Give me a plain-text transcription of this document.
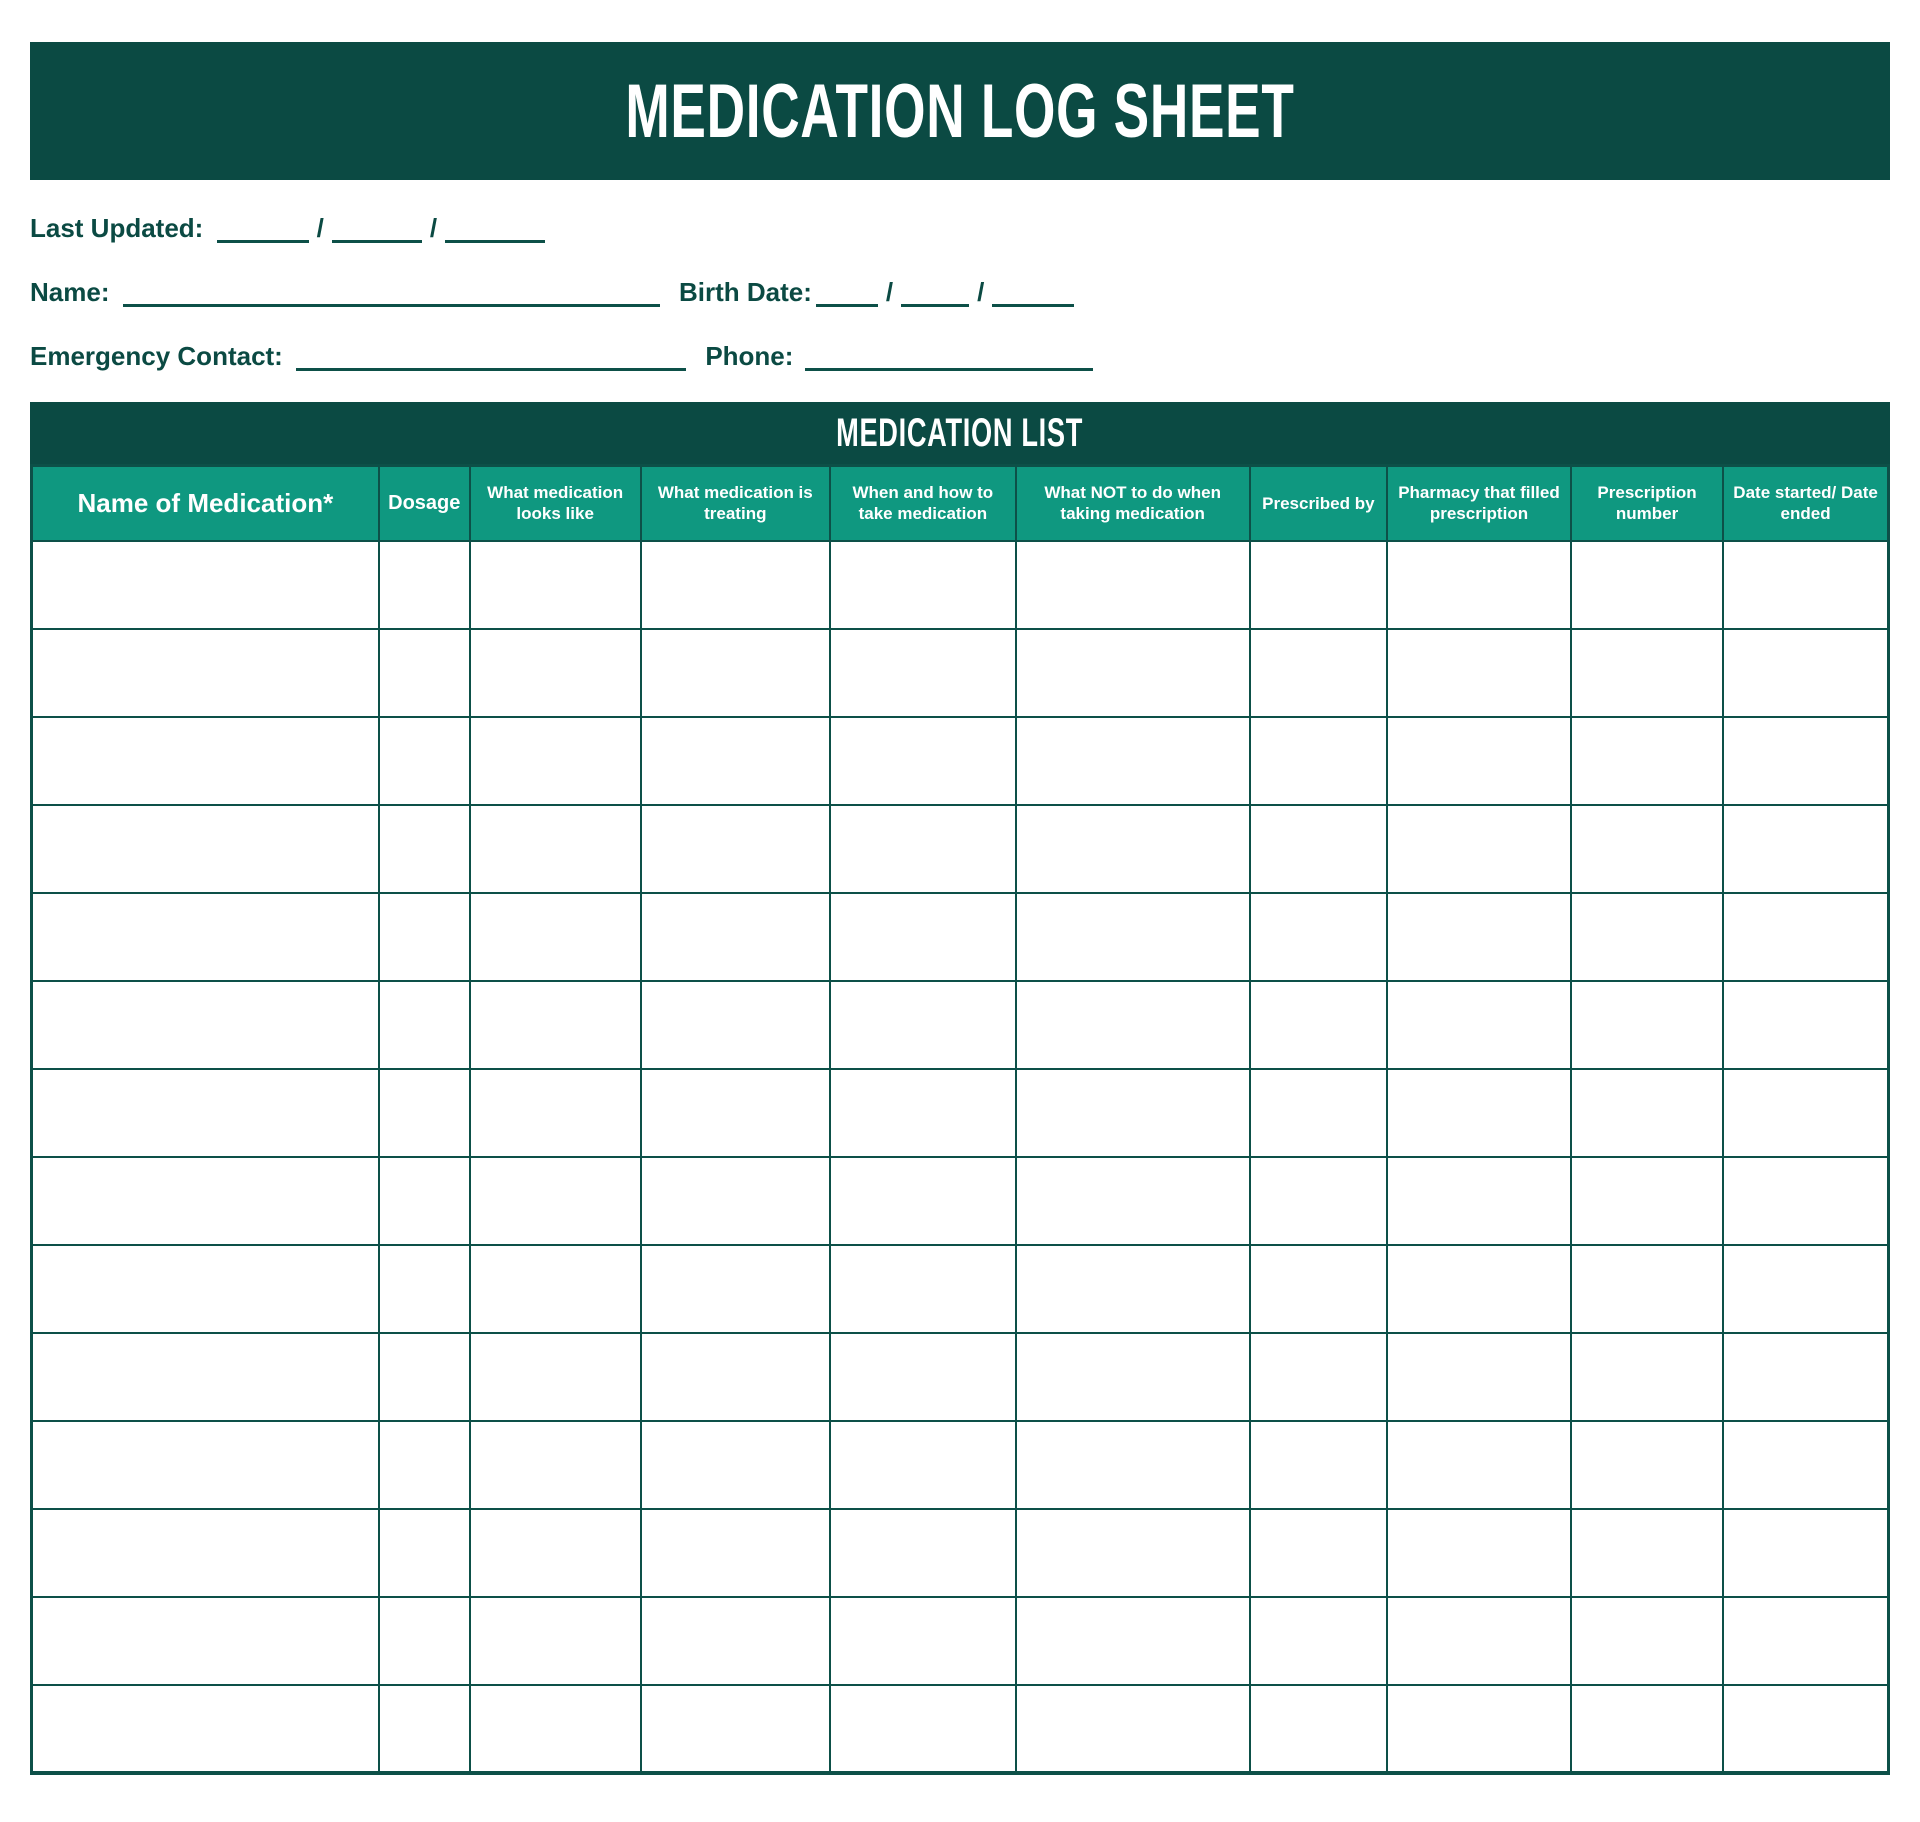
MEDICATION LOG SHEET
Last Updated:	/	/
Name:	Birth Date:	/	/
Emergency Contact:	Phone:
MEDICATION LIST
Name of Medication*	Dosage	What medication looks like	What medication is treating	When and how to take medication	What NOT to do when taking medication	Prescribed by	Pharmacy that filled prescription	Prescription number	Date started/ Date ended
